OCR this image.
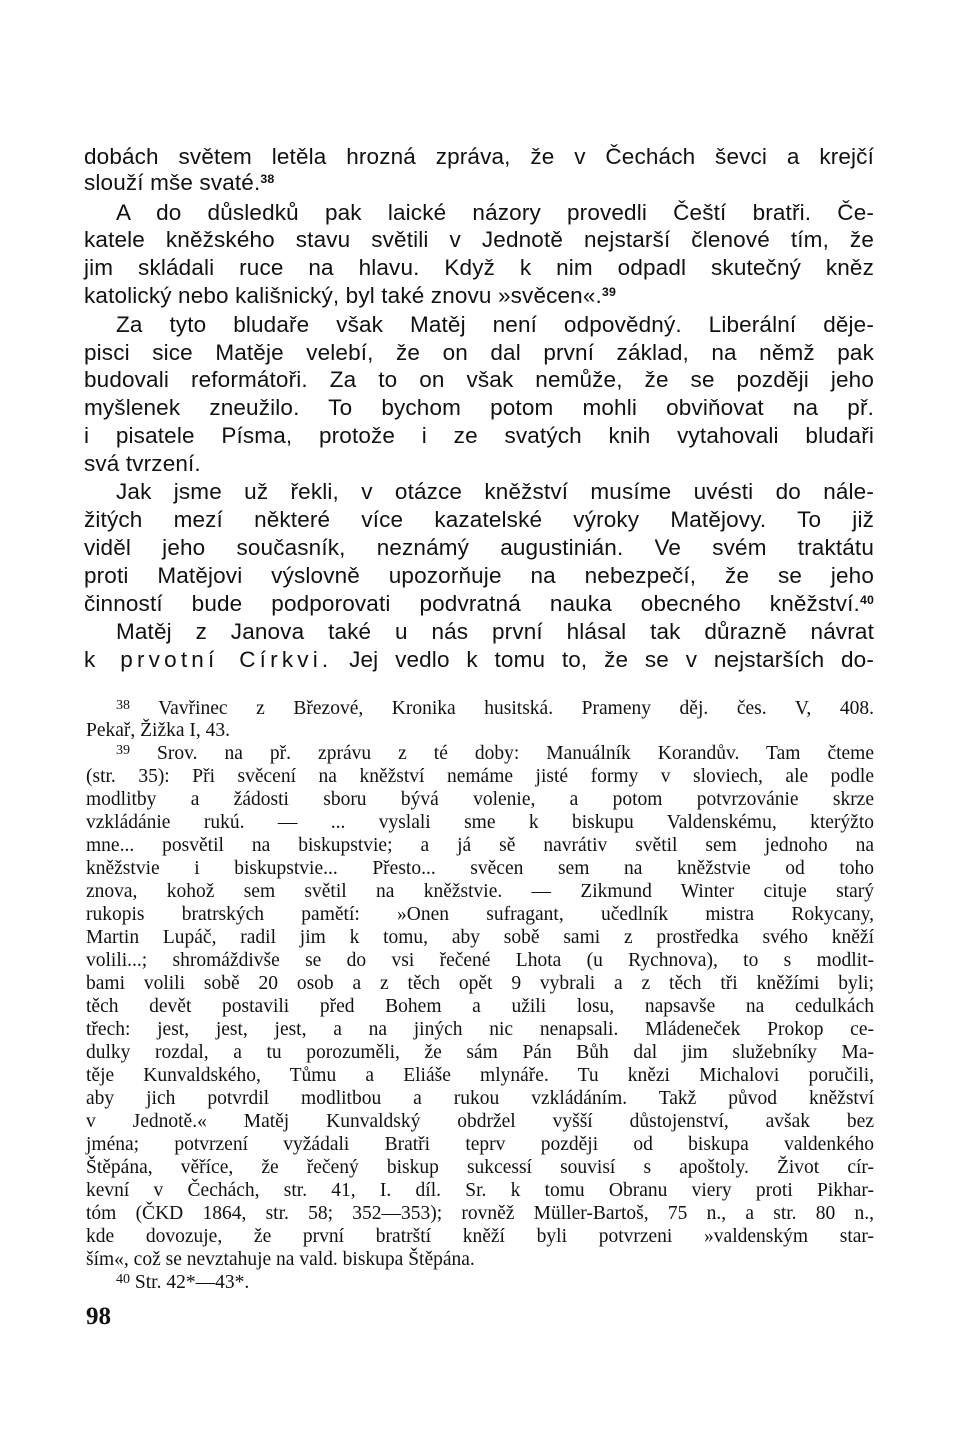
dobách světem letěla hrozná zpráva, že v Čechách ševci a krejčí
slouží mše svaté.$^{38}$
A do důsledků pak laické názory provedli Čeští bratři. Če-
katele kněžského stavu světili v Jednotě nejstarší členové tím, že
jim skládali ruce na hlavu. Když k nim odpadl skutečný kněz
katolický nebo kališnický, byl také znovu »svěcen«.$^{39}$
Za tyto bludaře však Matěj není odpovědný. Liberální děje-
pisci sice Matěje velebí, že on dal první základ, na němž pak
budovali reformátoři. Za to on však nemůže, že se později jeho
myšlenek zneužilo. To bychom potom mohli obviňovat na př.
i pisatele Písma, protože i ze svatých knih vytahovali bludaři
svá tvrzení.
Jak jsme už řekli, v otázce kněžství musíme uvésti do nále-
žitých mezí některé více kazatelské výroky Matějovy. To již
viděl jeho současník, neznámý augustinián. Ve svém traktátu
proti Matějovi výslovně upozorňuje na nebezpečí, že se jeho
činností bude podporovati podvratná nauka obecného kněžství.$^{40}$
Matěj z Janova také u nás první hlásal tak důrazně návrat
k prvotní Církvi. Jej vedlo k tomu to, že se v nejstarších do-
$^{38}$ Vavřinec z Březové, Kronika husitská. Prameny děj. čes. V, 408.
Pekař, Žižka I, 43.
$^{39}$ Srov. na př. zprávu z té doby: Manuálník Korandův. Tam čteme
(str. 35): Při svěcení na kněžství nemáme jisté formy v sloviech, ale podle
modlitby a žádosti sboru bývá volenie, a potom potvrzovánie skrze
vzkládánie rukú. — ... vyslali sme k biskupu Valdenskému, kterýžto
mne... posvětil na biskupstvie; a já sě navrátiv světil sem jednoho na
kněžstvie i biskupstvie... Přesto... svěcen sem na kněžstvie od toho
znova, kohož sem světil na kněžstvie. — Zikmund Winter cituje starý
rukopis bratrských pamětí: »Onen sufragant, učedlník mistra Rokycany,
Martin Lupáč, radil jim k tomu, aby sobě sami z prostředka svého kněží
volili...; shromáždivše se do vsi řečené Lhota (u Rychnova), to s modlit-
bami volili sobě 20 osob a z těch opět 9 vybrali a z těch tři kněžími byli;
těch devět postavili před Bohem a užili losu, napsavše na cedulkách
třech: jest, jest, jest, a na jiných nic nenapsali. Mládeneček Prokop ce-
dulky rozdal, a tu porozuměli, že sám Pán Bůh dal jim služebníky Ma-
těje Kunvaldského, Tůmu a Eliáše mlynáře. Tu knězi Michalovi poručili,
aby jich potvrdil modlitbou a rukou vzkládáním. Takž původ kněžství
v Jednotě.« Matěj Kunvaldský obdržel vyšší důstojenství, avšak bez
jména; potvrzení vyžádali Bratři teprv později od biskupa valdenkého
Štěpána, věříce, že řečený biskup sukcessí souvisí s apoštoly. Život cír-
kevní v Čechách, str. 41, I. díl. Sr. k tomu Obranu viery proti Pikhar-
tóm (ČKD 1864, str. 58; 352—353); rovněž Müller-Bartoš, 75 n., a str. 80 n.,
kde dovozuje, že první bratrští kněží byli potvrzeni »valdenským star-
ším«, což se nevztahuje na vald. biskupa Štěpána.
$^{40}$ Str. 42*—43*.
98
